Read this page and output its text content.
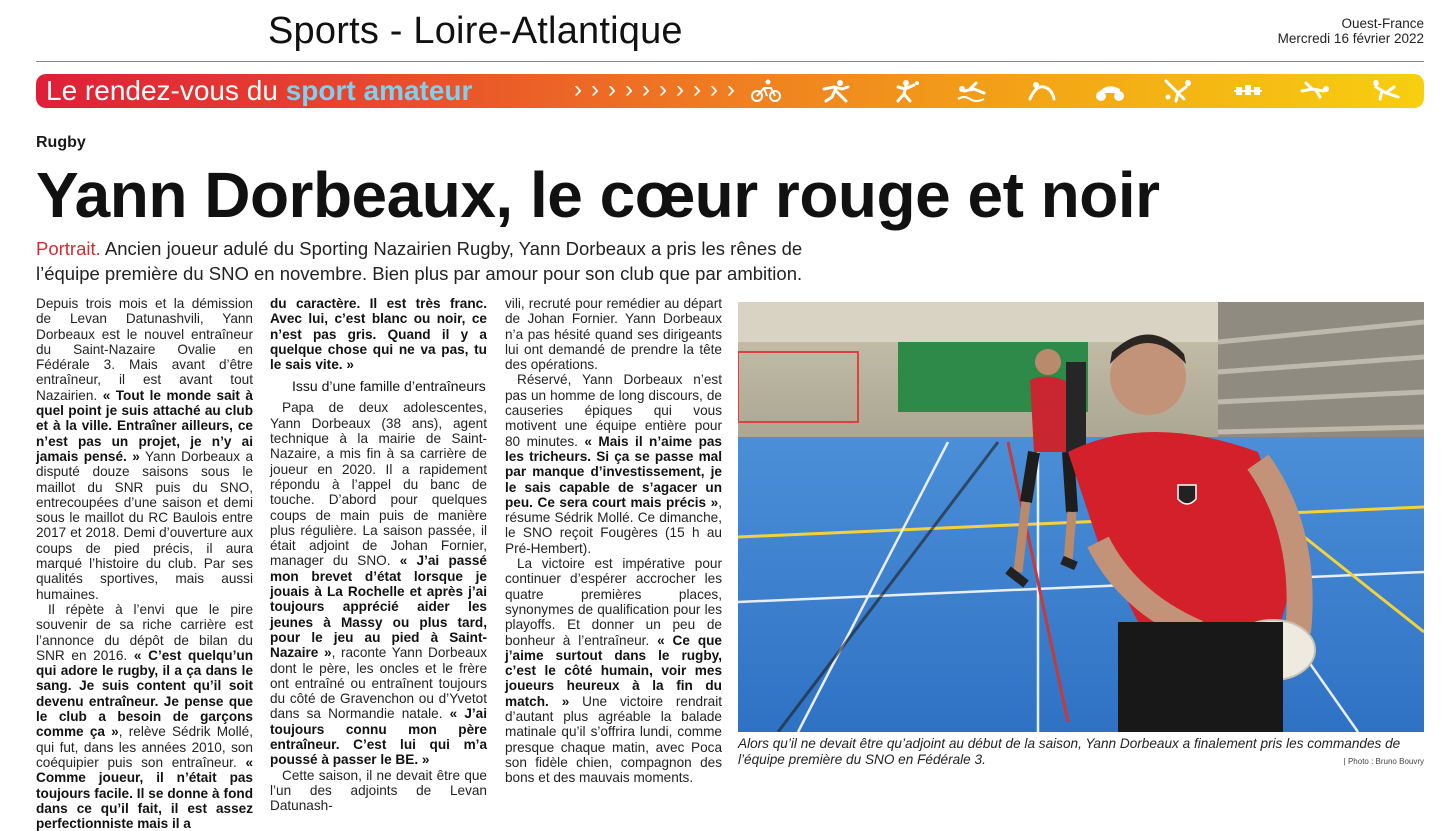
Sports - Loire-Atlantique	Ouest-France
Mercredi 16 février 2022
Le rendez-vous du sport amateur	››››››››››
Rugby
Yann Dorbeaux, le cœur rouge et noir
Portrait. Ancien joueur adulé du Sporting Nazairien Rugby, Yann Dorbeaux a pris les rênes de l’équipe première du SNO en novembre. Bien plus par amour pour son club que par ambition.

Depuis trois mois et la démission de Levan Datunashvili, Yann Dorbeaux est le nouvel entraîneur du Saint-Nazaire Ovalie en Fédérale 3. Mais avant d’être entraîneur, il est avant tout Nazairien. « Tout le monde sait à quel point je suis attaché au club et à la ville. Entraîner ailleurs, ce n’est pas un projet, je n’y ai jamais pensé. » Yann Dorbeaux a disputé douze saisons sous le maillot du SNR puis du SNO, entrecoupées d’une saison et demi sous le maillot du RC Baulois entre 2017 et 2018. Demi d’ouverture aux coups de pied précis, il aura marqué l’histoire du club. Par ses qualités sportives, mais aussi humaines.

Il répète à l’envi que le pire souvenir de sa riche carrière est l’annonce du dépôt de bilan du SNR en 2016. « C’est quelqu’un qui adore le rugby, il a ça dans le sang. Je suis content qu’il soit devenu entraîneur. Je pense que le club a besoin de garçons comme ça », relève Sédrik Mollé, qui fut, dans les années 2010, son coéquipier puis son entraîneur. « Comme joueur, il n’était pas toujours facile. Il se donne à fond dans ce qu’il fait, il est assez perfectionniste mais il a

du caractère. Il est très franc. Avec lui, c’est blanc ou noir, ce n’est pas gris. Quand il y a quelque chose qui ne va pas, tu le sais vite. »

Issu d’une famille d’entraîneurs

Papa de deux adolescentes, Yann Dorbeaux (38 ans), agent technique à la mairie de Saint-Nazaire, a mis fin à sa carrière de joueur en 2020. Il a rapidement répondu à l’appel du banc de touche. D’abord pour quelques coups de main puis de manière plus régulière. La saison passée, il était adjoint de Johan Fornier, manager du SNO. « J’ai passé mon brevet d’état lorsque je jouais à La Rochelle et après j’ai toujours apprécié aider les jeunes à Massy ou plus tard, pour le jeu au pied à Saint-Nazaire », raconte Yann Dorbeaux dont le père, les oncles et le frère ont entraîné ou entraînent toujours du côté de Gravenchon ou d’Yvetot dans sa Normandie natale. « J’ai toujours connu mon père entraîneur. C’est lui qui m’a poussé à passer le BE. »

Cette saison, il ne devait être que l’un des adjoints de Levan Datunash-

vili, recruté pour remédier au départ de Johan Fornier. Yann Dorbeaux n’a pas hésité quand ses dirigeants lui ont demandé de prendre la tête des opérations.

Réservé, Yann Dorbeaux n’est pas un homme de long discours, de causeries épiques qui vous motivent une équipe entière pour 80 minutes. « Mais il n’aime pas les tricheurs. Si ça se passe mal par manque d’investissement, je le sais capable de s’agacer un peu. Ce sera court mais précis », résume Sédrik Mollé. Ce dimanche, le SNO reçoit Fougères (15 h au Pré-Hembert).

La victoire est impérative pour continuer d’espérer accrocher les quatre premières places, synonymes de qualification pour les playoffs. Et donner un peu de bonheur à l’entraîneur. « Ce que j’aime surtout dans le rugby, c’est le côté humain, voir mes joueurs heureux à la fin du match. » Une victoire rendrait d’autant plus agréable la balade matinale qu’il s’offrira lundi, comme presque chaque matin, avec Poca son fidèle chien, compagnon des bons et des mauvais moments.

Alors qu’il ne devait être qu’adjoint au début de la saison, Yann Dorbeaux a finalement pris les commandes de l’équipe première du SNO en Fédérale 3.	| Photo : Bruno Bouvry
